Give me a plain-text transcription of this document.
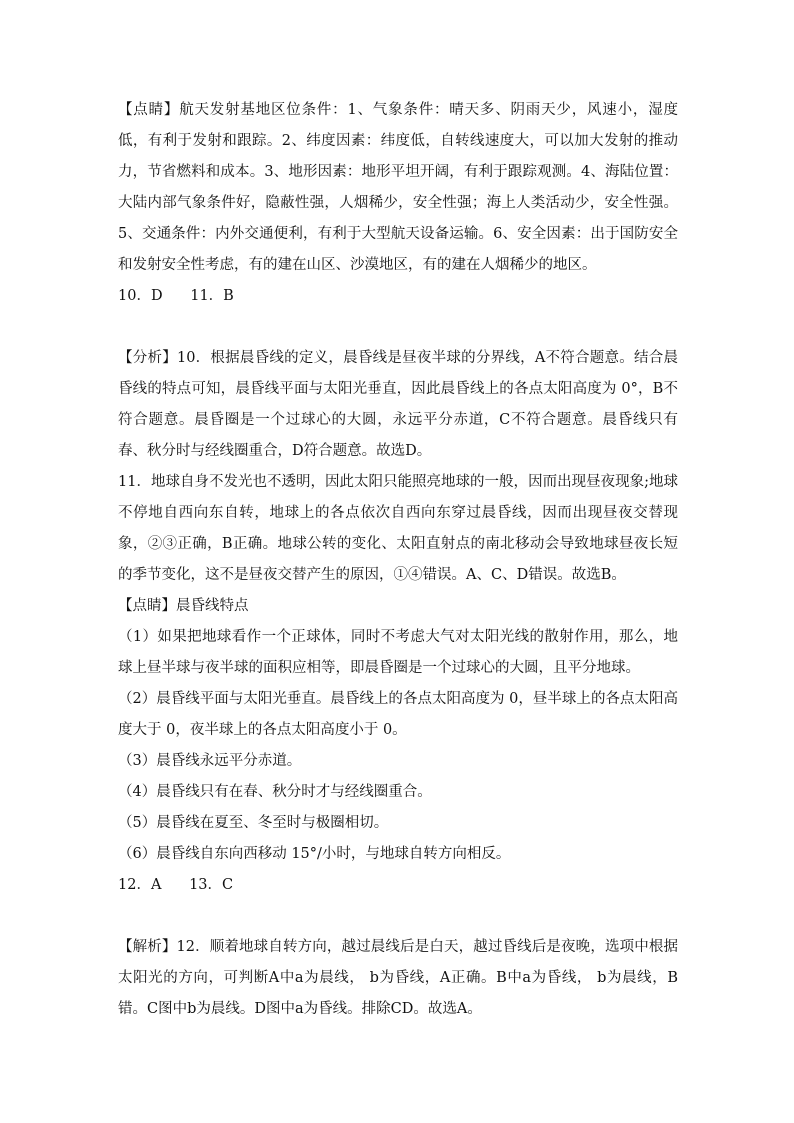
【点睛】航天发射基地区位条件：1、气象条件：晴天多、阴雨天少，风速小，湿度低，有利于发射和跟踪。2、纬度因素：纬度低，自转线速度大，可以加大发射的推动力，节省燃料和成本。3、地形因素：地形平坦开阔，有利于跟踪观测。4、海陆位置：大陆内部气象条件好，隐蔽性强，人烟稀少，安全性强；海上人类活动少，安全性强。5、交通条件：内外交通便利，有利于大型航天设备运输。6、安全因素：出于国防安全和发射安全性考虑，有的建在山区、沙漠地区，有的建在人烟稀少的地区。

10．D      11．B

【分析】10．根据晨昏线的定义，晨昏线是昼夜半球的分界线，A不符合题意。结合晨昏线的特点可知，晨昏线平面与太阳光垂直，因此晨昏线上的各点太阳高度为 0°，B不符合题意。晨昏圈是一个过球心的大圆，永远平分赤道，C不符合题意。晨昏线只有春、秋分时与经线圈重合，D符合题意。故选D。

11．地球自身不发光也不透明，因此太阳只能照亮地球的一般，因而出现昼夜现象;地球不停地自西向东自转，地球上的各点依次自西向东穿过晨昏线，因而出现昼夜交替现象，②③正确，B正确。地球公转的变化、太阳直射点的南北移动会导致地球昼夜长短的季节变化，这不是昼夜交替产生的原因，①④错误。A、C、D错误。故选B。

【点睛】晨昏线特点

（1）如果把地球看作一个正球体，同时不考虑大气对太阳光线的散射作用，那么，地球上昼半球与夜半球的面积应相等，即晨昏圈是一个过球心的大圆，且平分地球。

（2）晨昏线平面与太阳光垂直。晨昏线上的各点太阳高度为 0，昼半球上的各点太阳高度大于 0，夜半球上的各点太阳高度小于 0。

（3）晨昏线永远平分赤道。

（4）晨昏线只有在春、秋分时才与经线圈重合。

（5）晨昏线在夏至、冬至时与极圈相切。

（6）晨昏线自东向西移动 15°/小时，与地球自转方向相反。

12．A      13．C

【解析】12．顺着地球自转方向，越过晨线后是白天，越过昏线后是夜晚，选项中根据太阳光的方向，可判断A中a为晨线， b为昏线，A正确。B中a为昏线， b为晨线，B错。C图中b为晨线。D图中a为昏线。排除CD。故选A。
